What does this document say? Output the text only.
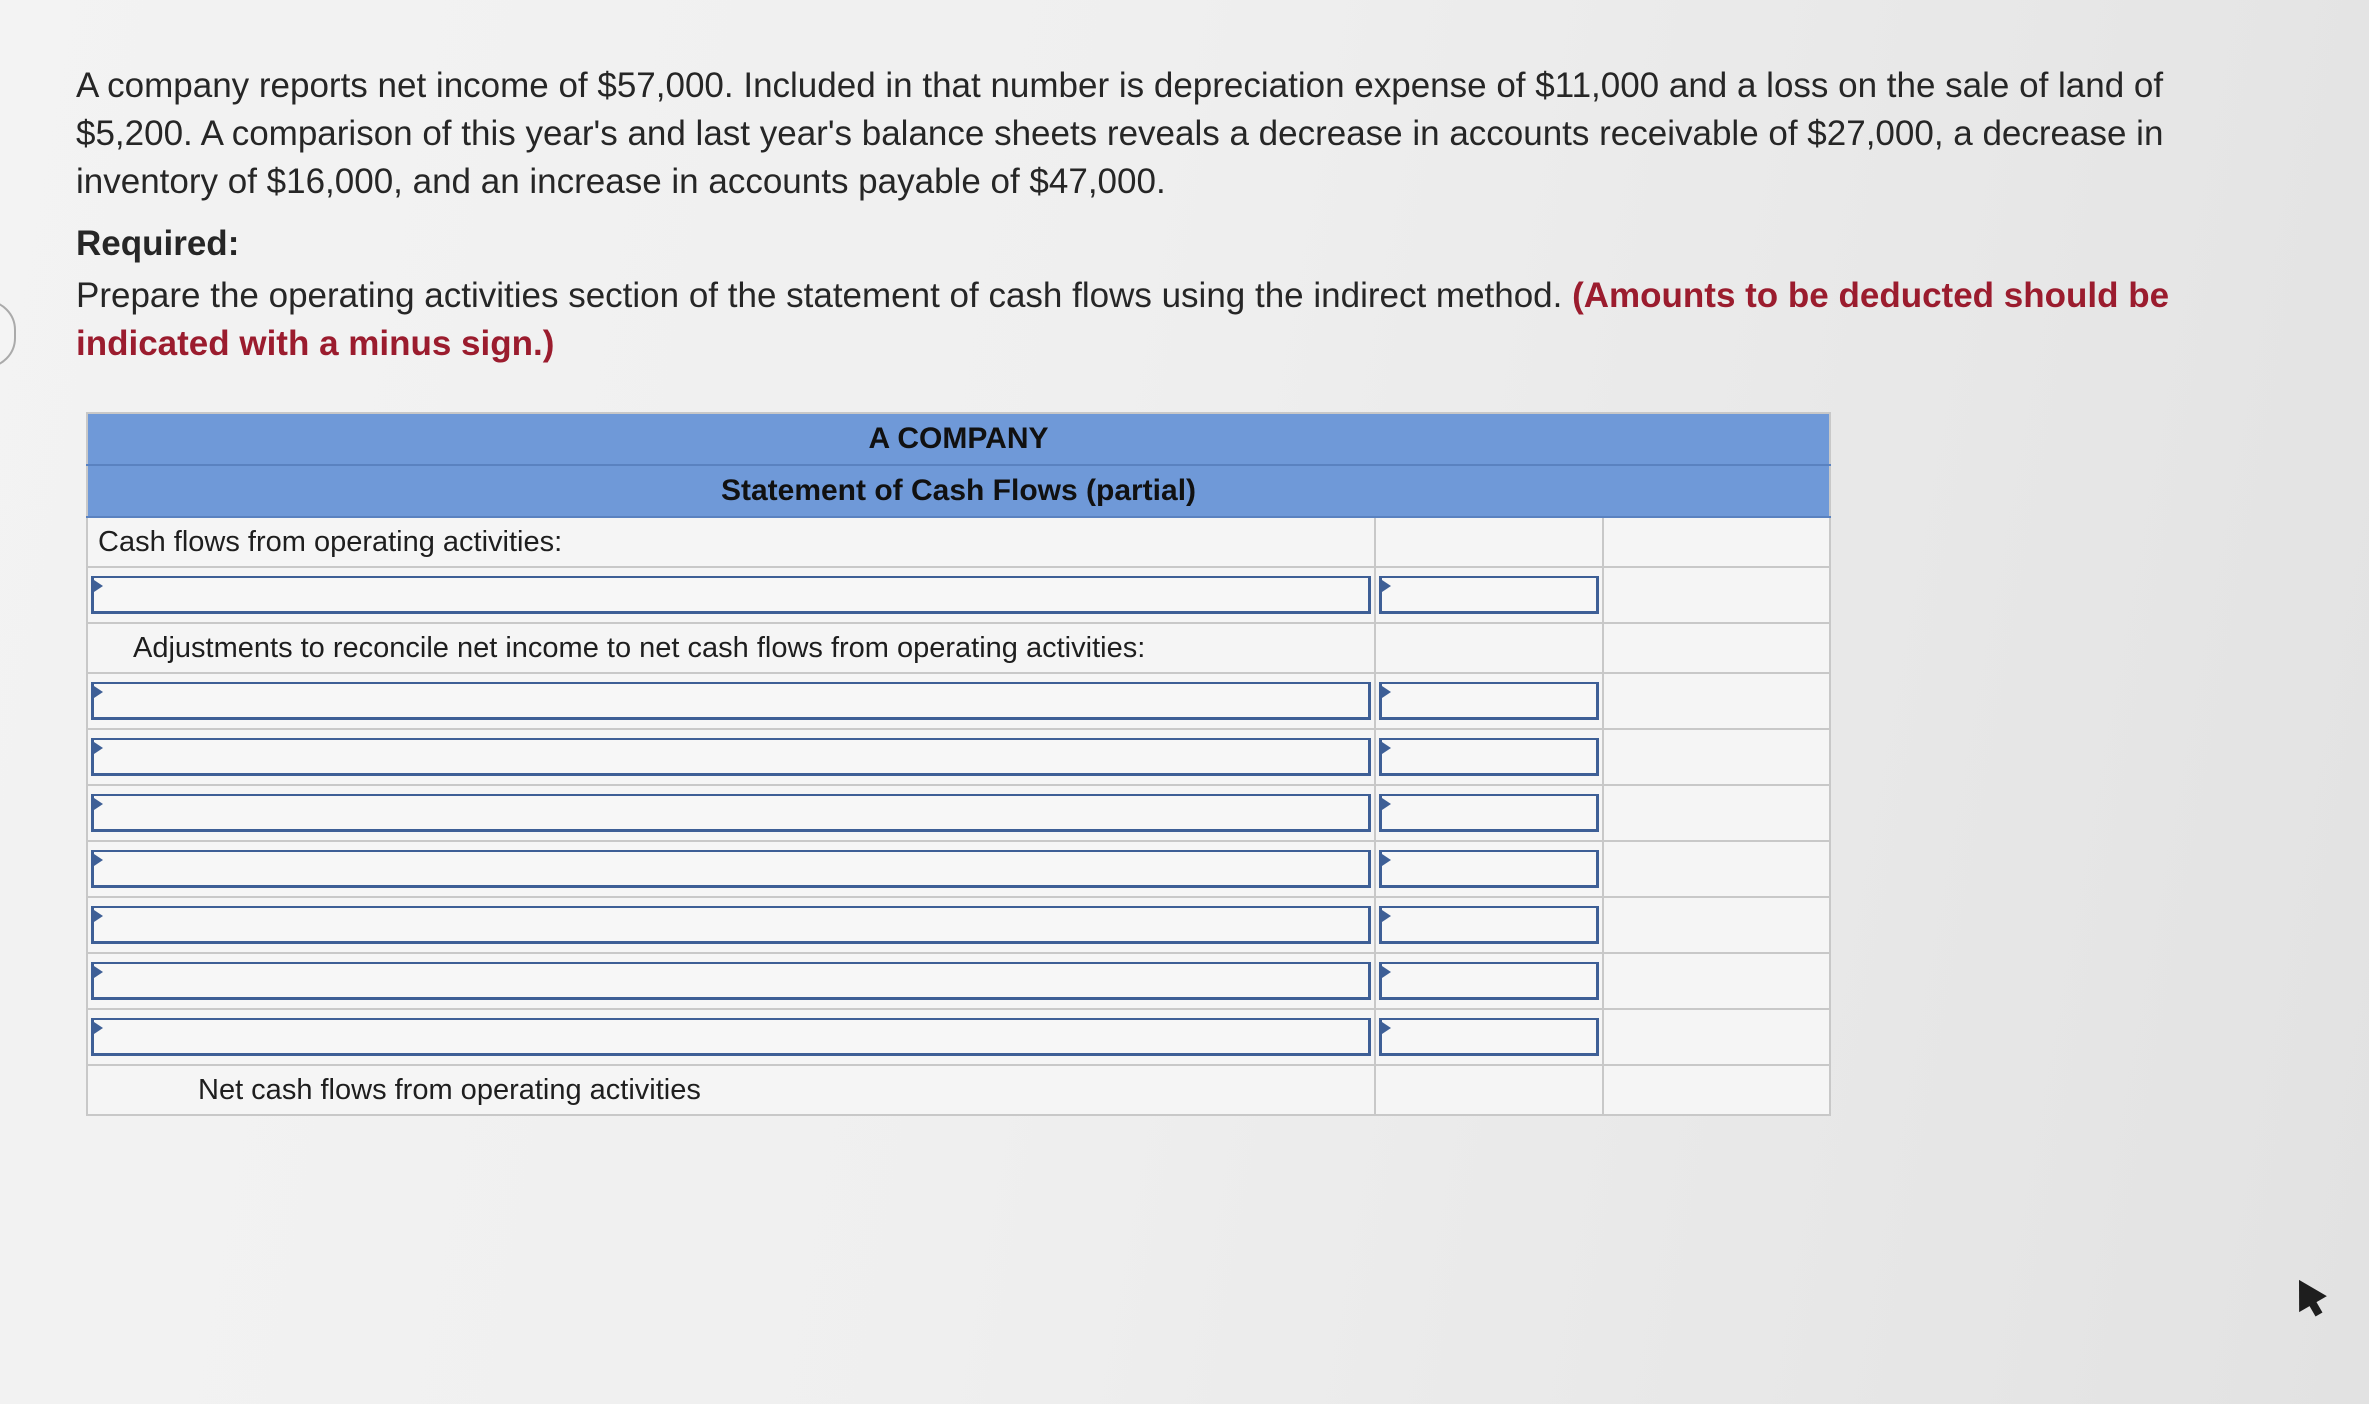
A company reports net income of $57,000. Included in that number is depreciation expense of $11,000 and a loss on the sale of land of $5,200. A comparison of this year's and last year's balance sheets reveals a decrease in accounts receivable of $27,000, a decrease in inventory of $16,000, and an increase in accounts payable of $47,000.
Required:
Prepare the operating activities section of the statement of cash flows using the indirect method. (Amounts to be deducted should be indicated with a minus sign.)
A COMPANY		
Statement of Cash Flows (partial)		
Cash flows from operating activities:		

Adjustments to reconcile net income to net cash flows from operating activities:		

Net cash flows from operating activities		
